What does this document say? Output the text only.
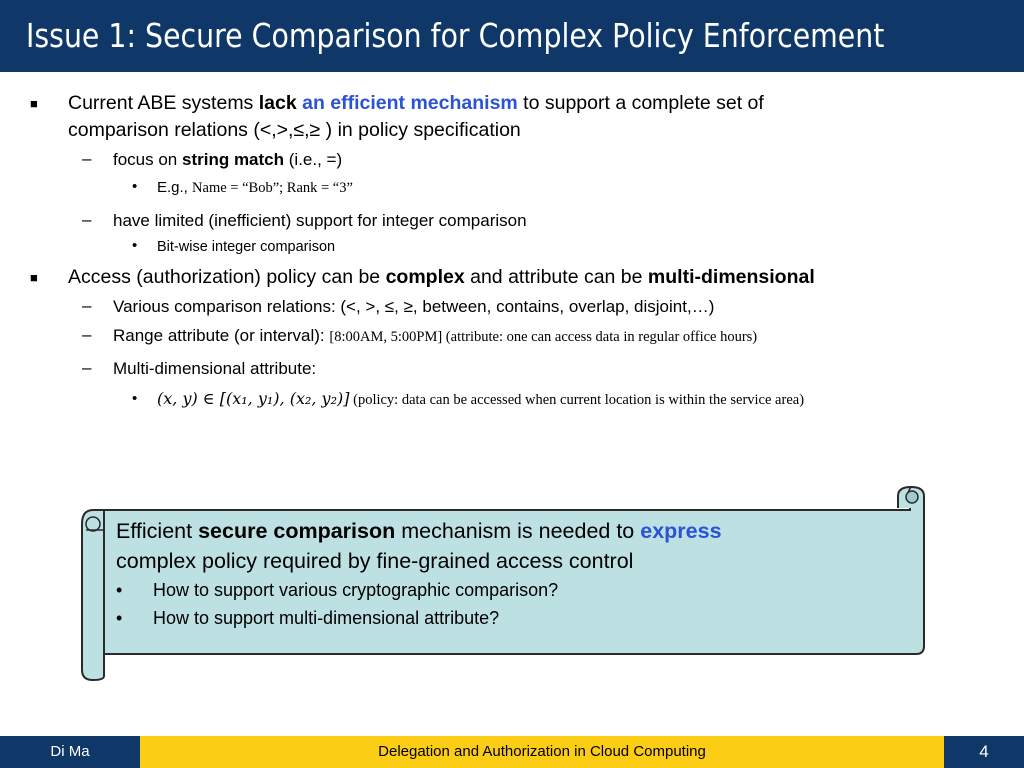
Issue 1: Secure Comparison for Complex Policy Enforcement
■ Current ABE systems lack an efficient mechanism to support a complete set of
comparison relations (<,>,≤,≥ ) in policy specification
– focus on string match (i.e., =)
• E.g., Name = “Bob”; Rank = “3”
– have limited (inefficient) support for integer comparison
• Bit-wise integer comparison
■ Access (authorization) policy can be complex and attribute can be multi-dimensional
– Various comparison relations: (<, >, ≤, ≥, between, contains, overlap, disjoint,…)
– Range attribute (or interval): [8:00AM, 5:00PM] (attribute: one can access data in regular office hours)
– Multi-dimensional attribute:
• (x, y) ∈ [(x₁, y₁), (x₂, y₂)] (policy: data can be accessed when current location is within the service area)
Efficient secure comparison mechanism is needed to express
complex policy required by fine-grained access control
• How to support various cryptographic comparison?
• How to support multi-dimensional attribute?
Di Ma	Delegation and Authorization in Cloud Computing	4
